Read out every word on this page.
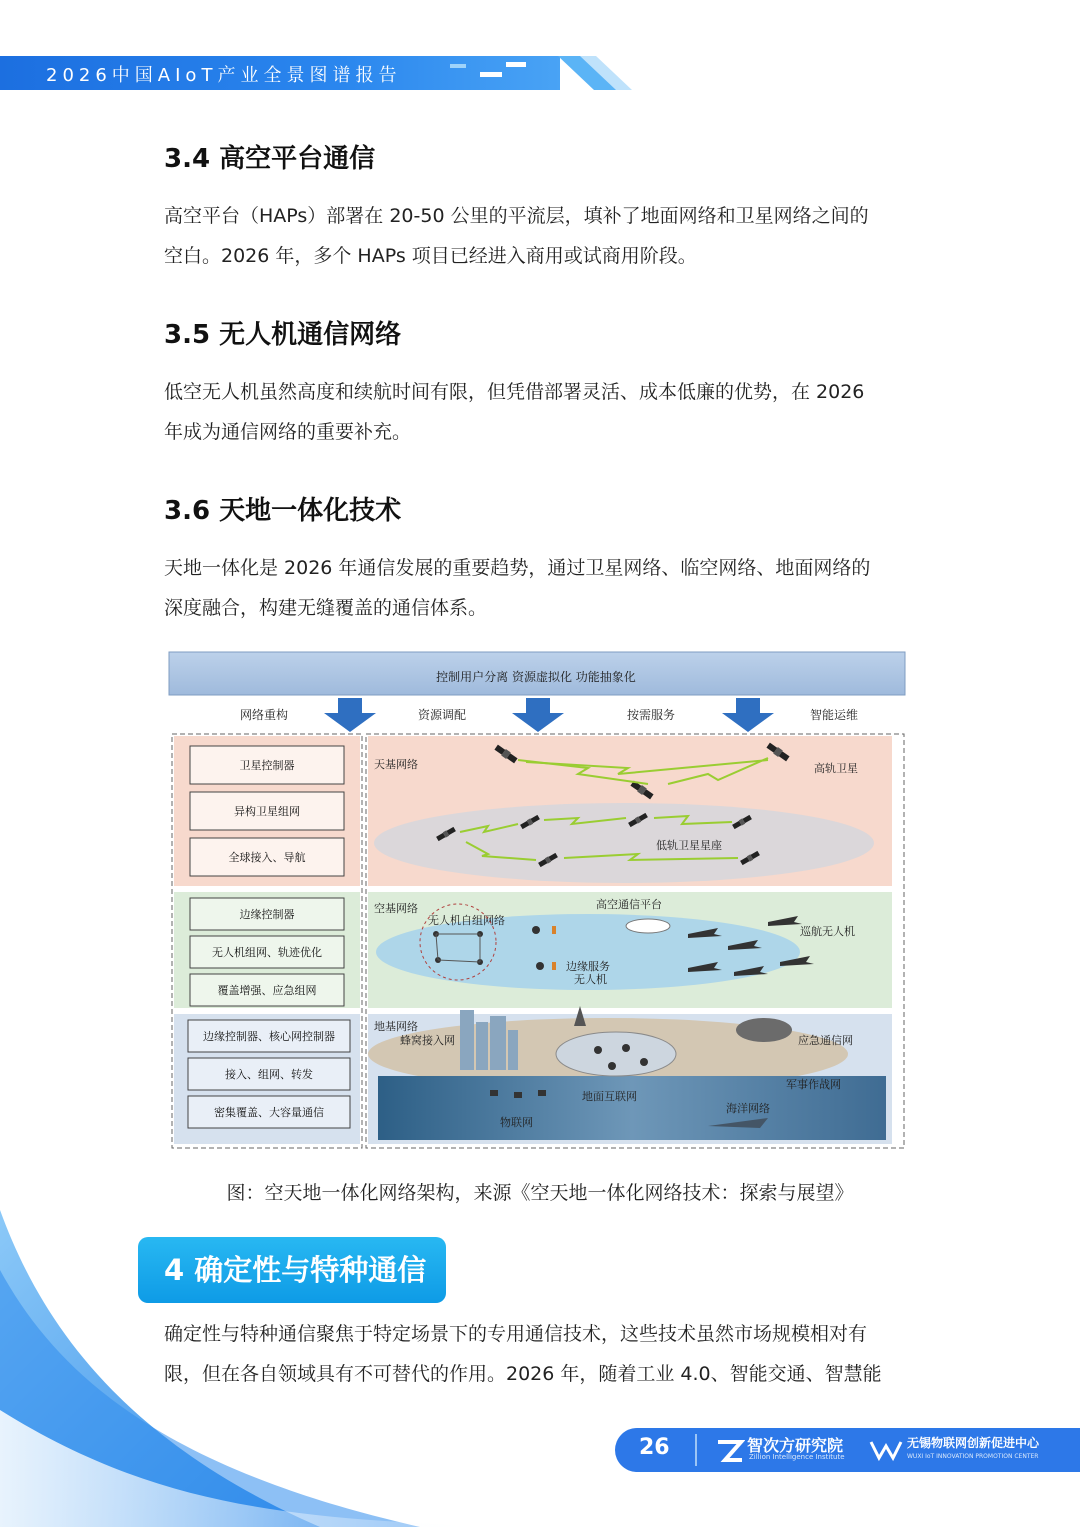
2026中国AIoT产业全景图谱报告
3.4 高空平台通信
高空平台（HAPs）部署在 20-50 公里的平流层，填补了地面网络和卫星网络之间的
空白。2026 年，多个 HAPs 项目已经进入商用或试商用阶段。
3.5 无人机通信网络
低空无人机虽然高度和续航时间有限，但凭借部署灵活、成本低廉的优势，在 2026
年成为通信网络的重要补充。
3.6 天地一体化技术
天地一体化是 2026 年通信发展的重要趋势，通过卫星网络、临空网络、地面网络的
深度融合，构建无缝覆盖的通信体系。
控制用户分离 资源虚拟化 功能抽象化
网络重构	资源调配	按需服务	智能运维
卫星控制器
异构卫星组网
全球接入、导航
边缘控制器
无人机组网、轨迹优化
覆盖增强、应急组网
边缘控制器、核心网控制器
接入、组网、转发
密集覆盖、大容量通信
天基网络	高轨卫星
低轨卫星星座
空基网络
无人机自组网络
高空通信平台
巡航无人机
边缘服务
无人机
地基网络
蜂窝接入网	应急通信网
军事作战网
地面互联网
海洋网络
物联网
图：空天地一体化网络架构，来源《空天地一体化网络技术：探索与展望》
4 确定性与特种通信
确定性与特种通信聚焦于特定场景下的专用通信技术，这些技术虽然市场规模相对有
限，但在各自领域具有不可替代的作用。2026 年，随着工业 4.0、智能交通、智慧能
26	智次方研究院
Zillion Intelligence Institute
无锡物联网创新促进中心
WUXI IoT INNOVATION PROMOTION CENTER
